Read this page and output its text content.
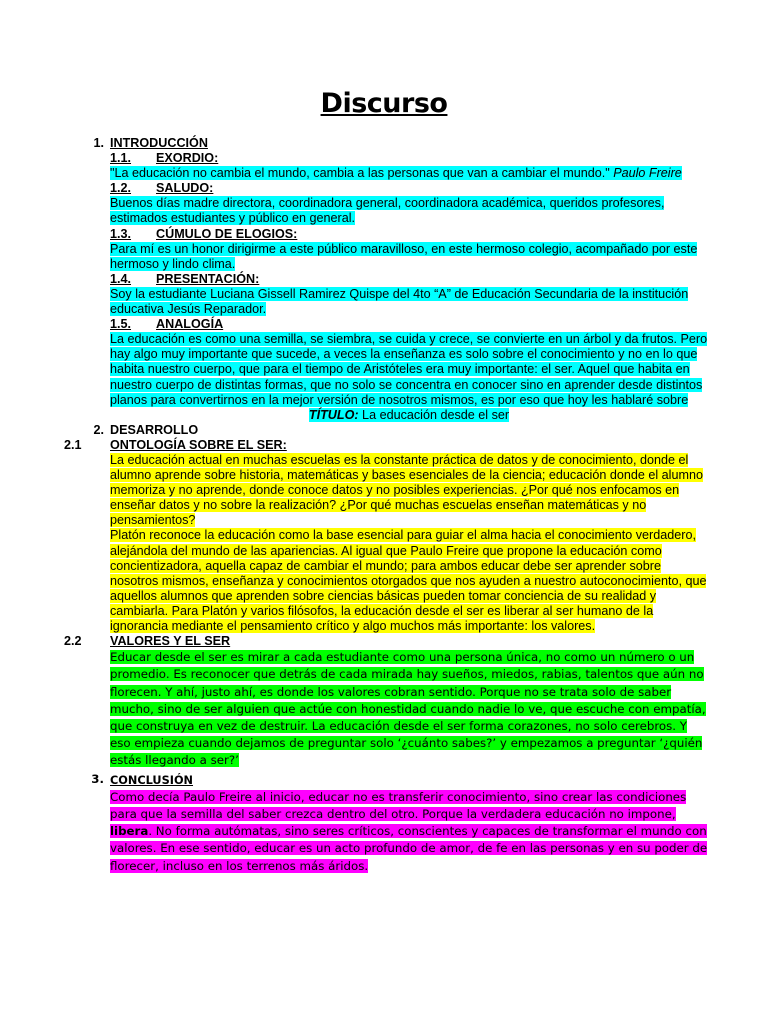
Discurso
1. INTRODUCCIÓN
1.1.	EXORDIO:

"La educación no cambia el mundo, cambia a las personas que van a cambiar el mundo." Paulo Freire

1.2.	SALUDO:

Buenos días madre directora, coordinadora general, coordinadora académica, queridos profesores, estimados estudiantes y público en general.

1.3.	CÚMULO DE ELOGIOS:

Para mí es un honor dirigirme a este público maravilloso, en este hermoso colegio, acompañado por este hermoso y lindo clima.

1.4.	PRESENTACIÓN:

Soy la estudiante Luciana Gissell Ramirez Quispe del 4to “A” de Educación Secundaria de la institución educativa Jesús Reparador.

1.5.	ANALOGÍA

La educación es como una semilla, se siembra, se cuida y crece, se convierte en un árbol y da frutos. Pero hay algo muy importante que sucede, a veces la enseñanza es solo sobre el conocimiento y no en lo que habita nuestro cuerpo, que para el tiempo de Aristóteles era muy importante: el ser. Aquel que habita en nuestro cuerpo de distintas formas, que no solo se concentra en conocer sino en aprender desde distintos planos para convertirnos en la mejor versión de nosotros mismos, es por eso que hoy les hablaré sobre

TÍTULO: La educación desde el ser

2. DESARROLLO
2.1	ONTOLOGÍA SOBRE EL SER:

La educación actual en muchas escuelas es la constante práctica de datos y de conocimiento, donde el alumno aprende sobre historia, matemáticas y bases esenciales de la ciencia; educación donde el alumno memoriza y no aprende, donde conoce datos y no posibles experiencias. ¿Por qué nos enfocamos en enseñar datos y no sobre la realización? ¿Por qué muchas escuelas enseñan matemáticas y no pensamientos?

Platón reconoce la educación como la base esencial para guiar el alma hacia el conocimiento verdadero, alejándola del mundo de las apariencias. Al igual que Paulo Freire que propone la educación como concientizadora, aquella capaz de cambiar el mundo; para ambos educar debe ser aprender sobre nosotros mismos, enseñanza y conocimientos otorgados que nos ayuden a nuestro autoconocimiento, que aquellos alumnos que aprenden sobre ciencias básicas pueden tomar conciencia de su realidad y cambiarla. Para Platón y varios filósofos, la educación desde el ser es liberar al ser humano de la ignorancia mediante el pensamiento crítico y algo muchos más importante: los valores.

2.2	VALORES Y EL SER

Educar desde el ser es mirar a cada estudiante como una persona única, no como un número o un promedio. Es reconocer que detrás de cada mirada hay sueños, miedos, rabias, talentos que aún no florecen. Y ahí, justo ahí, es donde los valores cobran sentido. Porque no se trata solo de saber mucho, sino de ser alguien que actúe con honestidad cuando nadie lo ve, que escuche con empatía, que construya en vez de destruir. La educación desde el ser forma corazones, no solo cerebros. Y eso empieza cuando dejamos de preguntar solo ‘¿cuánto sabes?’ y empezamos a preguntar ‘¿quién estás llegando a ser?’

3. CONCLUSIÓN

Como decía Paulo Freire al inicio, educar no es transferir conocimiento, sino crear las condiciones para que la semilla del saber crezca dentro del otro. Porque la verdadera educación no impone, libera. No forma autómatas, sino seres críticos, conscientes y capaces de transformar el mundo con valores. En ese sentido, educar es un acto profundo de amor, de fe en las personas y en su poder de florecer, incluso en los terrenos más áridos.
